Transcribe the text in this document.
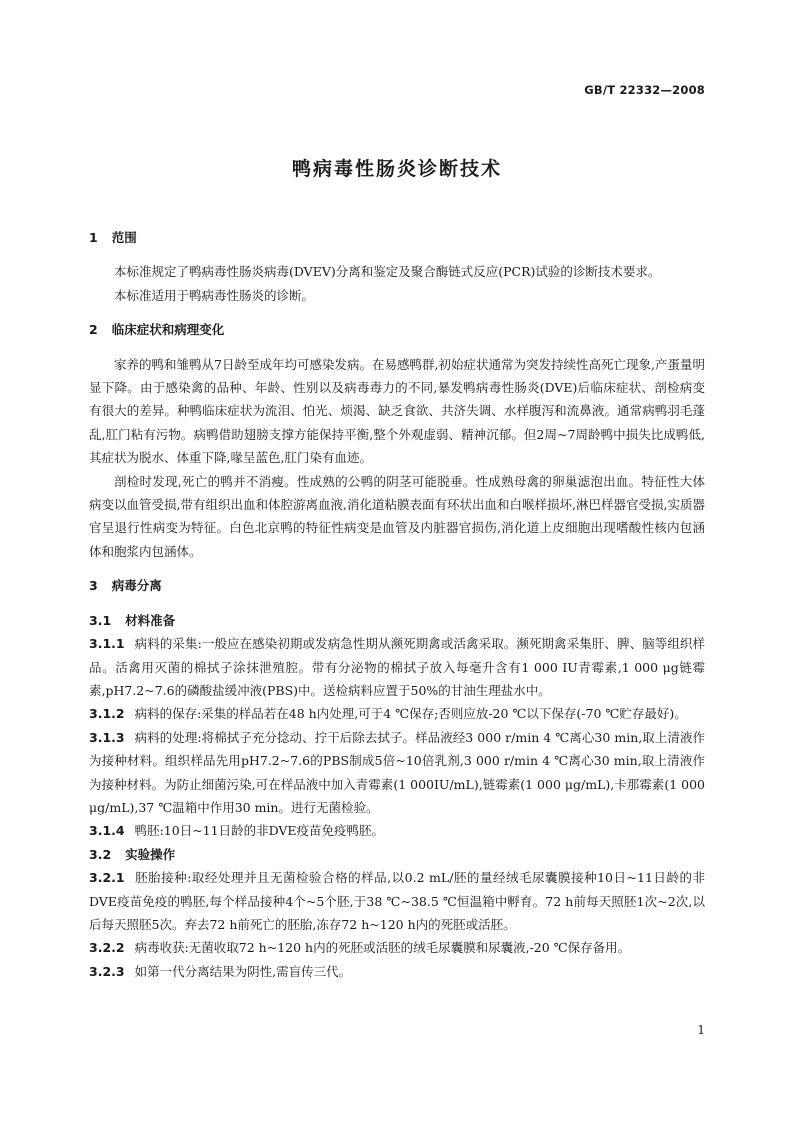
GB/T 22332—2008
鸭病毒性肠炎诊断技术
1 范围

本标准规定了鸭病毒性肠炎病毒(DVEV)分离和鉴定及聚合酶链式反应(PCR)试验的诊断技术要求。

本标准适用于鸭病毒性肠炎的诊断。

2 临床症状和病理变化

家养的鸭和雏鸭从7日龄至成年均可感染发病。在易感鸭群,初始症状通常为突发持续性高死亡现象,产蛋量明显下降。由于感染禽的品种、年龄、性别以及病毒毒力的不同,暴发鸭病毒性肠炎(DVE)后临床症状、剖检病变有很大的差异。种鸭临床症状为流泪、怕光、烦渴、缺乏食欲、共济失调、水样腹泻和流鼻液。通常病鸭羽毛蓬乱,肛门粘有污物。病鸭借助翅膀支撑方能保持平衡,整个外观虚弱、精神沉郁。但2周~7周龄鸭中损失比成鸭低,其症状为脱水、体重下降,喙呈蓝色,肛门染有血迹。

剖检时发现,死亡的鸭并不消瘦。性成熟的公鸭的阴茎可能脱垂。性成熟母禽的卵巢滤泡出血。特征性大体病变以血管受损,带有组织出血和体腔游离血液,消化道粘膜表面有环状出血和白喉样损坏,淋巴样器官受损,实质器官呈退行性病变为特征。白色北京鸭的特征性病变是血管及内脏器官损伤,消化道上皮细胞出现嗜酸性核内包涵体和胞浆内包涵体。

3 病毒分离
3.1 材料准备

3.1.1 病料的采集:一般应在感染初期或发病急性期从濒死期禽或活禽采取。濒死期禽采集肝、脾、脑等组织样品。活禽用灭菌的棉拭子涂抹泄殖腔。带有分泌物的棉拭子放入每毫升含有1 000 IU青霉素,1 000 μg链霉素,pH7.2~7.6的磷酸盐缓冲液(PBS)中。送检病料应置于50%的甘油生理盐水中。

3.1.2 病料的保存:采集的样品若在48 h内处理,可于4 ℃保存;否则应放-20 ℃以下保存(-70 ℃贮存最好)。

3.1.3 病料的处理:将棉拭子充分捻动、拧干后除去拭子。样品液经3 000 r/min 4 ℃离心30 min,取上清液作为接种材料。组织样品先用pH7.2~7.6的PBS制成5倍~10倍乳剂,3 000 r/min 4 ℃离心30 min,取上清液作为接种材料。为防止细菌污染,可在样品液中加入青霉素(1 000IU/mL),链霉素(1 000 μg/mL),卡那霉素(1 000 μg/mL),37 ℃温箱中作用30 min。进行无菌检验。

3.1.4 鸭胚:10日~11日龄的非DVE疫苗免疫鸭胚。

3.2 实验操作

3.2.1 胚胎接种:取经处理并且无菌检验合格的样品,以0.2 mL/胚的量经绒毛尿囊膜接种10日~11日龄的非DVE疫苗免疫的鸭胚,每个样品接种4个~5个胚,于38 ℃~38.5 ℃恒温箱中孵育。72 h前每天照胚1次~2次,以后每天照胚5次。弃去72 h前死亡的胚胎,冻存72 h~120 h内的死胚或活胚。

3.2.2 病毒收获:无菌收取72 h~120 h内的死胚或活胚的绒毛尿囊膜和尿囊液,-20 ℃保存备用。

3.2.3 如第一代分离结果为阴性,需盲传三代。

1
